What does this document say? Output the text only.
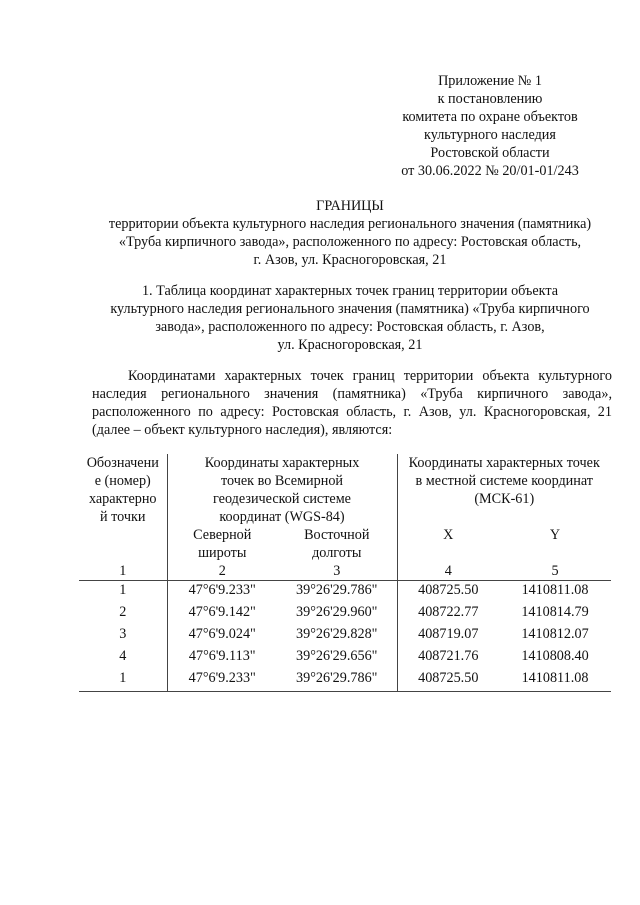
Приложение № 1
к постановлению
комитета по охране объектов
культурного наследия
Ростовской области
от 30.06.2022 № 20/01-01/243
ГРАНИЦЫ
территории объекта культурного наследия регионального значения (памятника)
«Труба кирпичного завода», расположенного по адресу: Ростовская область,
г. Азов, ул. Красногоровская, 21
1. Таблица координат характерных точек границ территории объекта
культурного наследия регионального значения (памятника) «Труба кирпичного
завода», расположенного по адресу: Ростовская область, г. Азов,
ул. Красногоровская, 21
Координатами характерных точек границ территории объекта культурного
наследия регионального значения (памятника) «Труба кирпичного завода»,
расположенного по адресу: Ростовская область, г. Азов, ул. Красногоровская, 21
(далее – объект культурного наследия), являются:
Обозначени
е (номер)
характерно
й точки	Координаты характерных
точек во Всемирной
геодезической системе
координат (WGS-84)		Координаты характерных точек
в местной системе координат
(МСК-61)	

	Северной
широты	Восточной
долготы	X	Y
1	2	3	4	5
1	47°6'9.233"	39°26'29.786"	408725.50	1410811.08
2	47°6'9.142"	39°26'29.960"	408722.77	1410814.79
3	47°6'9.024"	39°26'29.828"	408719.07	1410812.07
4	47°6'9.113"	39°26'29.656"	408721.76	1410808.40
1	47°6'9.233"	39°26'29.786"	408725.50	1410811.08
